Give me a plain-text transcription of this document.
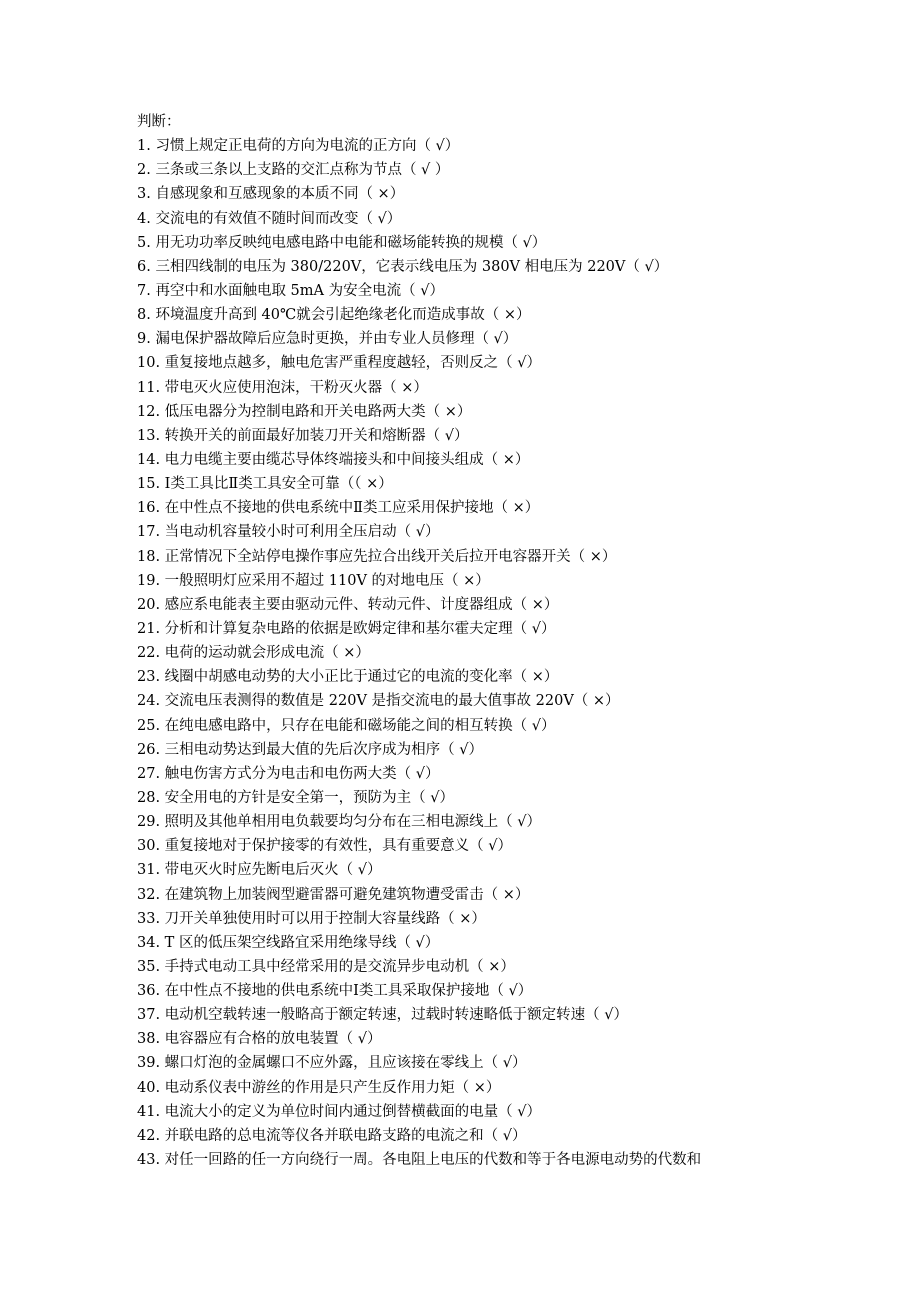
判断：
1. 习惯上规定正电荷的方向为电流的正方向（ √）
2. 三条或三条以上支路的交汇点称为节点（ √ ）
3. 自感现象和互感现象的本质不同（ ×）
4. 交流电的有效值不随时间而改变（ √）
5. 用无功功率反映纯电感电路中电能和磁场能转换的规模（ √）
6. 三相四线制的电压为 380/220V，它表示线电压为 380V 相电压为 220V（ √）
7. 再空中和水面触电取 5mA 为安全电流（ √）
8. 环境温度升高到 40℃就会引起绝缘老化而造成事故（ ×）
9. 漏电保护器故障后应急时更换，并由专业人员修理（ √）
10. 重复接地点越多，触电危害严重程度越轻，否则反之（ √）
11. 带电灭火应使用泡沫，干粉灭火器（ ×）
12. 低压电器分为控制电路和开关电路两大类（ ×）
13. 转换开关的前面最好加装刀开关和熔断器（ √）
14. 电力电缆主要由缆芯导体终端接头和中间接头组成（ ×）
15. Ⅰ类工具比Ⅱ类工具安全可靠（（ ×）
16. 在中性点不接地的供电系统中Ⅱ类工应采用保护接地（ ×）
17. 当电动机容量较小时可利用全压启动（ √）
18. 正常情况下全站停电操作事应先拉合出线开关后拉开电容器开关（ ×）
19. 一般照明灯应采用不超过 110V 的对地电压（ ×）
20. 感应系电能表主要由驱动元件、转动元件、计度器组成（ ×）
21. 分析和计算复杂电路的依据是欧姆定律和基尔霍夫定理（ √）
22. 电荷的运动就会形成电流（ ×）
23. 线圈中胡感电动势的大小正比于通过它的电流的变化率（ ×）
24. 交流电压表测得的数值是 220V 是指交流电的最大值事故 220V（ ×）
25. 在纯电感电路中，只存在电能和磁场能之间的相互转换（ √）
26. 三相电动势达到最大值的先后次序成为相序（ √）
27. 触电伤害方式分为电击和电伤两大类（ √）
28. 安全用电的方针是安全第一，预防为主（ √）
29. 照明及其他单相用电负载要均匀分布在三相电源线上（ √）
30. 重复接地对于保护接零的有效性，具有重要意义（ √）
31. 带电灭火时应先断电后灭火（ √）
32. 在建筑物上加装阀型避雷器可避免建筑物遭受雷击（ ×）
33. 刀开关单独使用时可以用于控制大容量线路（ ×）
34. T 区的低压架空线路宜采用绝缘导线（ √）
35. 手持式电动工具中经常采用的是交流异步电动机（ ×）
36. 在中性点不接地的供电系统中Ⅰ类工具采取保护接地（ √）
37. 电动机空载转速一般略高于额定转速，过载时转速略低于额定转速（ √）
38. 电容器应有合格的放电装置（ √）
39. 螺口灯泡的金属螺口不应外露，且应该接在零线上（ √）
40. 电动系仪表中游丝的作用是只产生反作用力矩（ ×）
41. 电流大小的定义为单位时间内通过倒替横截面的电量（ √）
42. 并联电路的总电流等仪各并联电路支路的电流之和（ √）
43. 对任一回路的任一方向绕行一周。各电阻上电压的代数和等于各电源电动势的代数和
